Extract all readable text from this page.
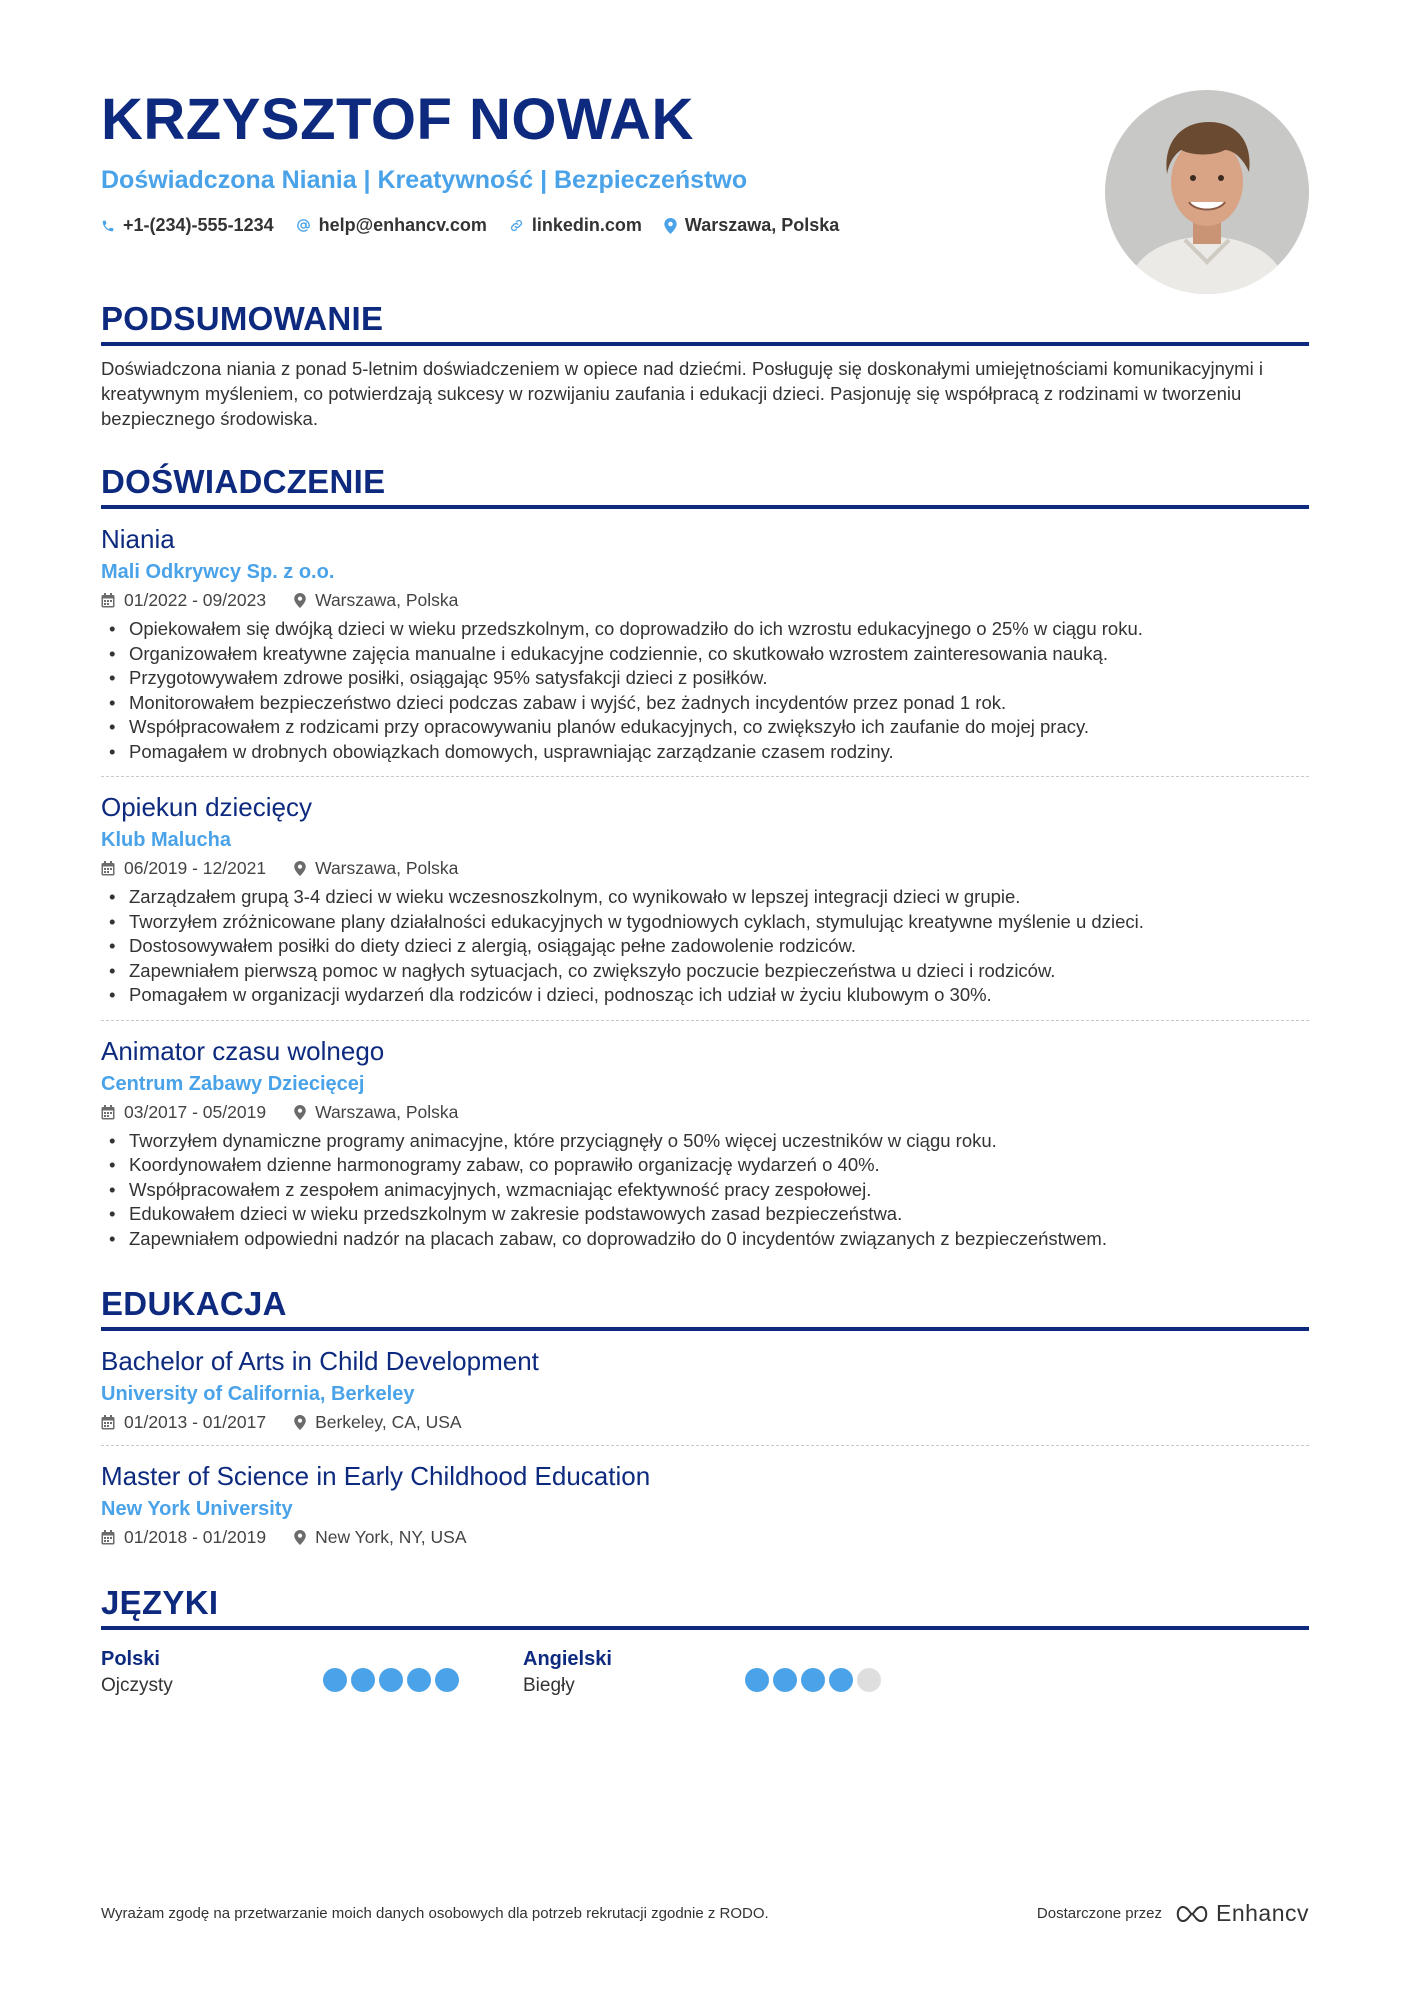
KRZYSZTOF NOWAK
Doświadczona Niania | Kreatywność | Bezpieczeństwo
+1-(234)-555-1234	help@enhancv.com	linkedin.com Warszawa, Polska
PODSUMOWANIE

Doświadczona niania z ponad 5-letnim doświadczeniem w opiece nad dziećmi. Posługuję się doskonałymi umiejętnościami komunikacyjnymi i kreatywnym myśleniem, co potwierdzają sukcesy w rozwijaniu zaufania i edukacji dzieci. Pasjonuję się współpracą z rodzinami w tworzeniu bezpiecznego środowiska.

DOŚWIADCZENIE
Niania
Mali Odkrywcy Sp. z o.o.
01/2022 - 09/2023	Warszawa, Polska
• Opiekowałem się dwójką dzieci w wieku przedszkolnym, co doprowadziło do ich wzrostu edukacyjnego o 25% w ciągu roku.
• Organizowałem kreatywne zajęcia manualne i edukacyjne codziennie, co skutkowało wzrostem zainteresowania nauką.
• Przygotowywałem zdrowe posiłki, osiągając 95% satysfakcji dzieci z posiłków.
• Monitorowałem bezpieczeństwo dzieci podczas zabaw i wyjść, bez żadnych incydentów przez ponad 1 rok.
• Współpracowałem z rodzicami przy opracowywaniu planów edukacyjnych, co zwiększyło ich zaufanie do mojej pracy.
• Pomagałem w drobnych obowiązkach domowych, usprawniając zarządzanie czasem rodziny.
Opiekun dziecięcy
Klub Malucha
06/2019 - 12/2021	Warszawa, Polska
• Zarządzałem grupą 3-4 dzieci w wieku wczesnoszkolnym, co wynikowało w lepszej integracji dzieci w grupie.
• Tworzyłem zróżnicowane plany działalności edukacyjnych w tygodniowych cyklach, stymulując kreatywne myślenie u dzieci.
• Dostosowywałem posiłki do diety dzieci z alergią, osiągając pełne zadowolenie rodziców.
• Zapewniałem pierwszą pomoc w nagłych sytuacjach, co zwiększyło poczucie bezpieczeństwa u dzieci i rodziców.
• Pomagałem w organizacji wydarzeń dla rodziców i dzieci, podnosząc ich udział w życiu klubowym o 30%.
Animator czasu wolnego
Centrum Zabawy Dziecięcej
03/2017 - 05/2019	Warszawa, Polska
• Tworzyłem dynamiczne programy animacyjne, które przyciągnęły o 50% więcej uczestników w ciągu roku.
• Koordynowałem dzienne harmonogramy zabaw, co poprawiło organizację wydarzeń o 40%.
• Współpracowałem z zespołem animacyjnych, wzmacniając efektywność pracy zespołowej.
• Edukowałem dzieci w wieku przedszkolnym w zakresie podstawowych zasad bezpieczeństwa.
• Zapewniałem odpowiedni nadzór na placach zabaw, co doprowadziło do 0 incydentów związanych z bezpieczeństwem.
EDUKACJA
Bachelor of Arts in Child Development
University of California, Berkeley
01/2013 - 01/2017	Berkeley, CA, USA
Master of Science in Early Childhood Education
New York University
01/2018 - 01/2019	New York, NY, USA
JĘZYKI
Polski
Ojczysty
Angielski
Biegły
Wyrażam zgodę na przetwarzanie moich danych osobowych dla potrzeb rekrutacji zgodnie z RODO.	Dostarczone przez Enhancv
